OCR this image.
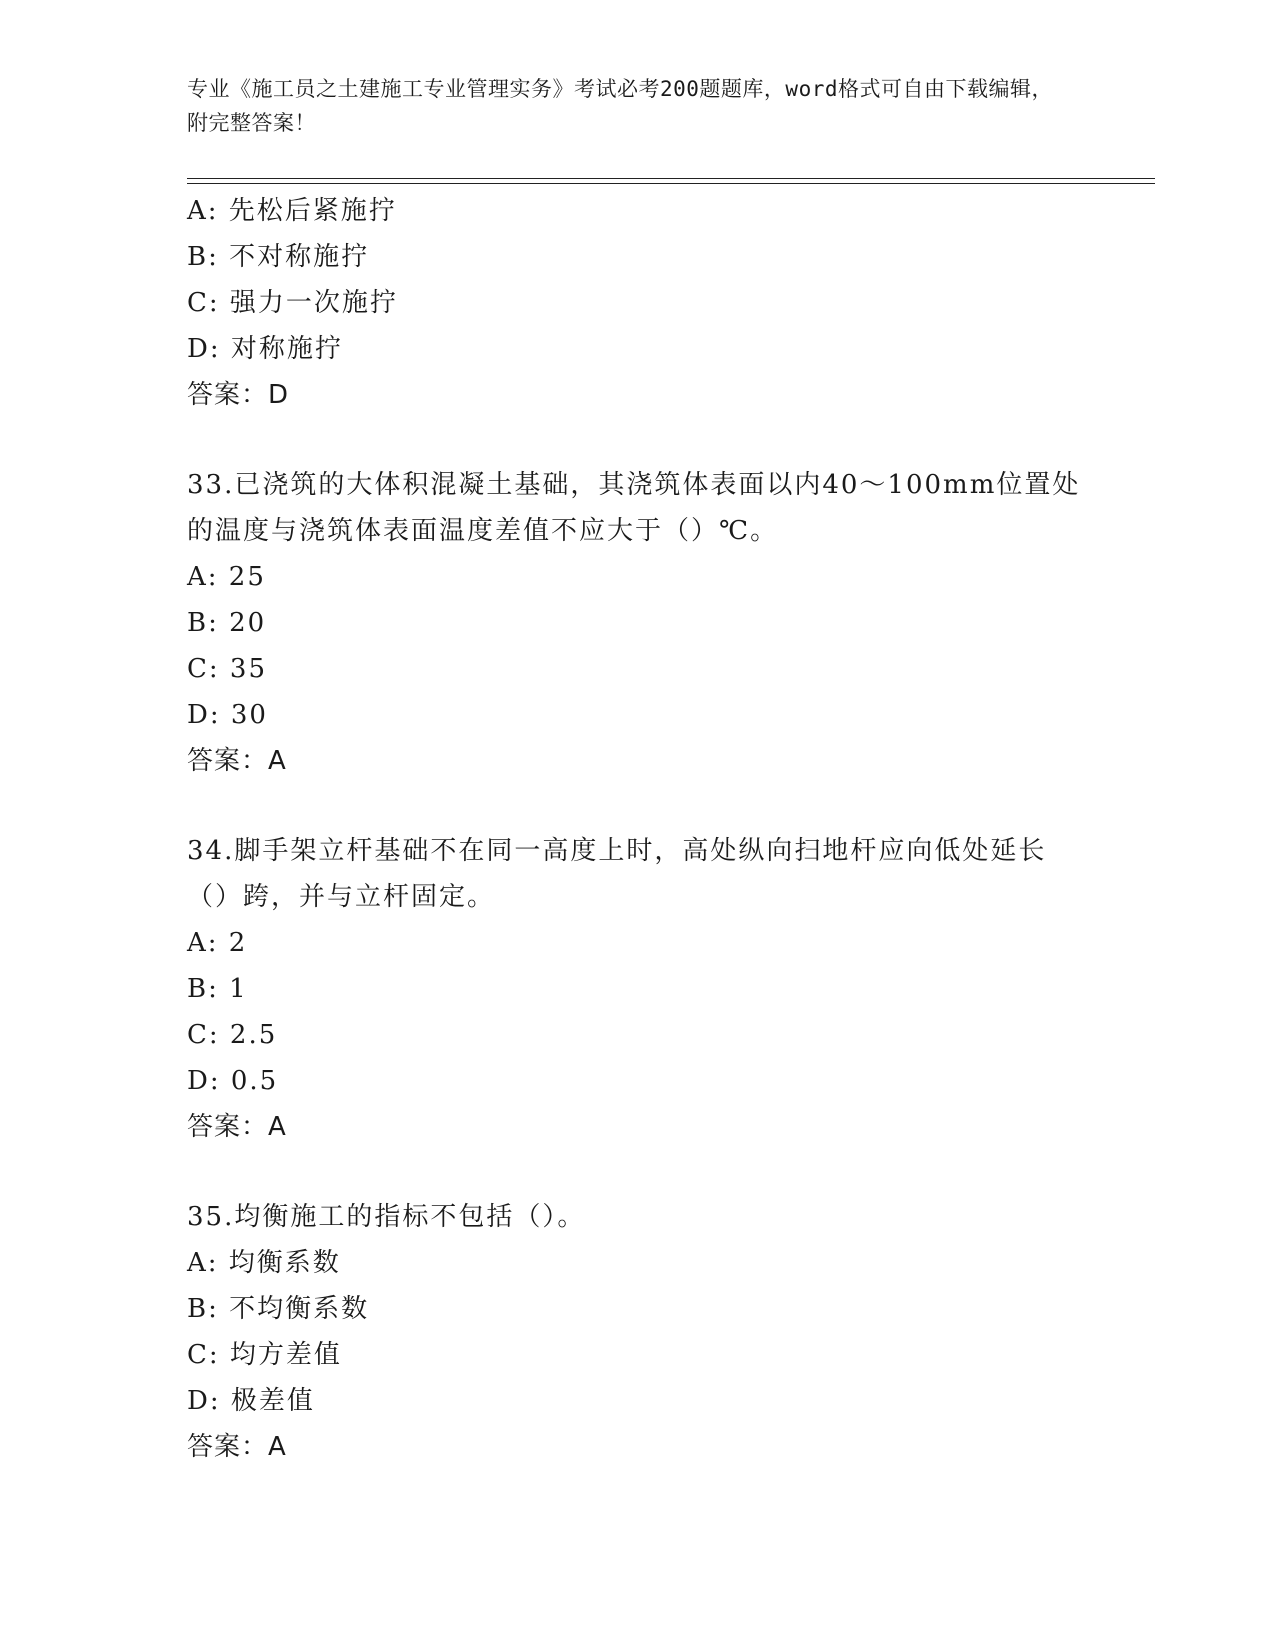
专业《施工员之土建施工专业管理实务》考试必考200题题库，word格式可自由下载编辑，附完整答案！
A: 先松后紧施拧
B: 不对称施拧
C: 强力一次施拧
D: 对称施拧
答案：D
33.已浇筑的大体积混凝土基础，其浇筑体表面以内40～100mm位置处
的温度与浇筑体表面温度差值不应大于（）℃。
A: 25
B: 20
C: 35
D: 30
答案：A
34.脚手架立杆基础不在同一高度上时，高处纵向扫地杆应向低处延长
（）跨，并与立杆固定。
A: 2
B: 1
C: 2.5
D: 0.5
答案：A
35.均衡施工的指标不包括（）。
A: 均衡系数
B: 不均衡系数
C: 均方差值
D: 极差值
答案：A
